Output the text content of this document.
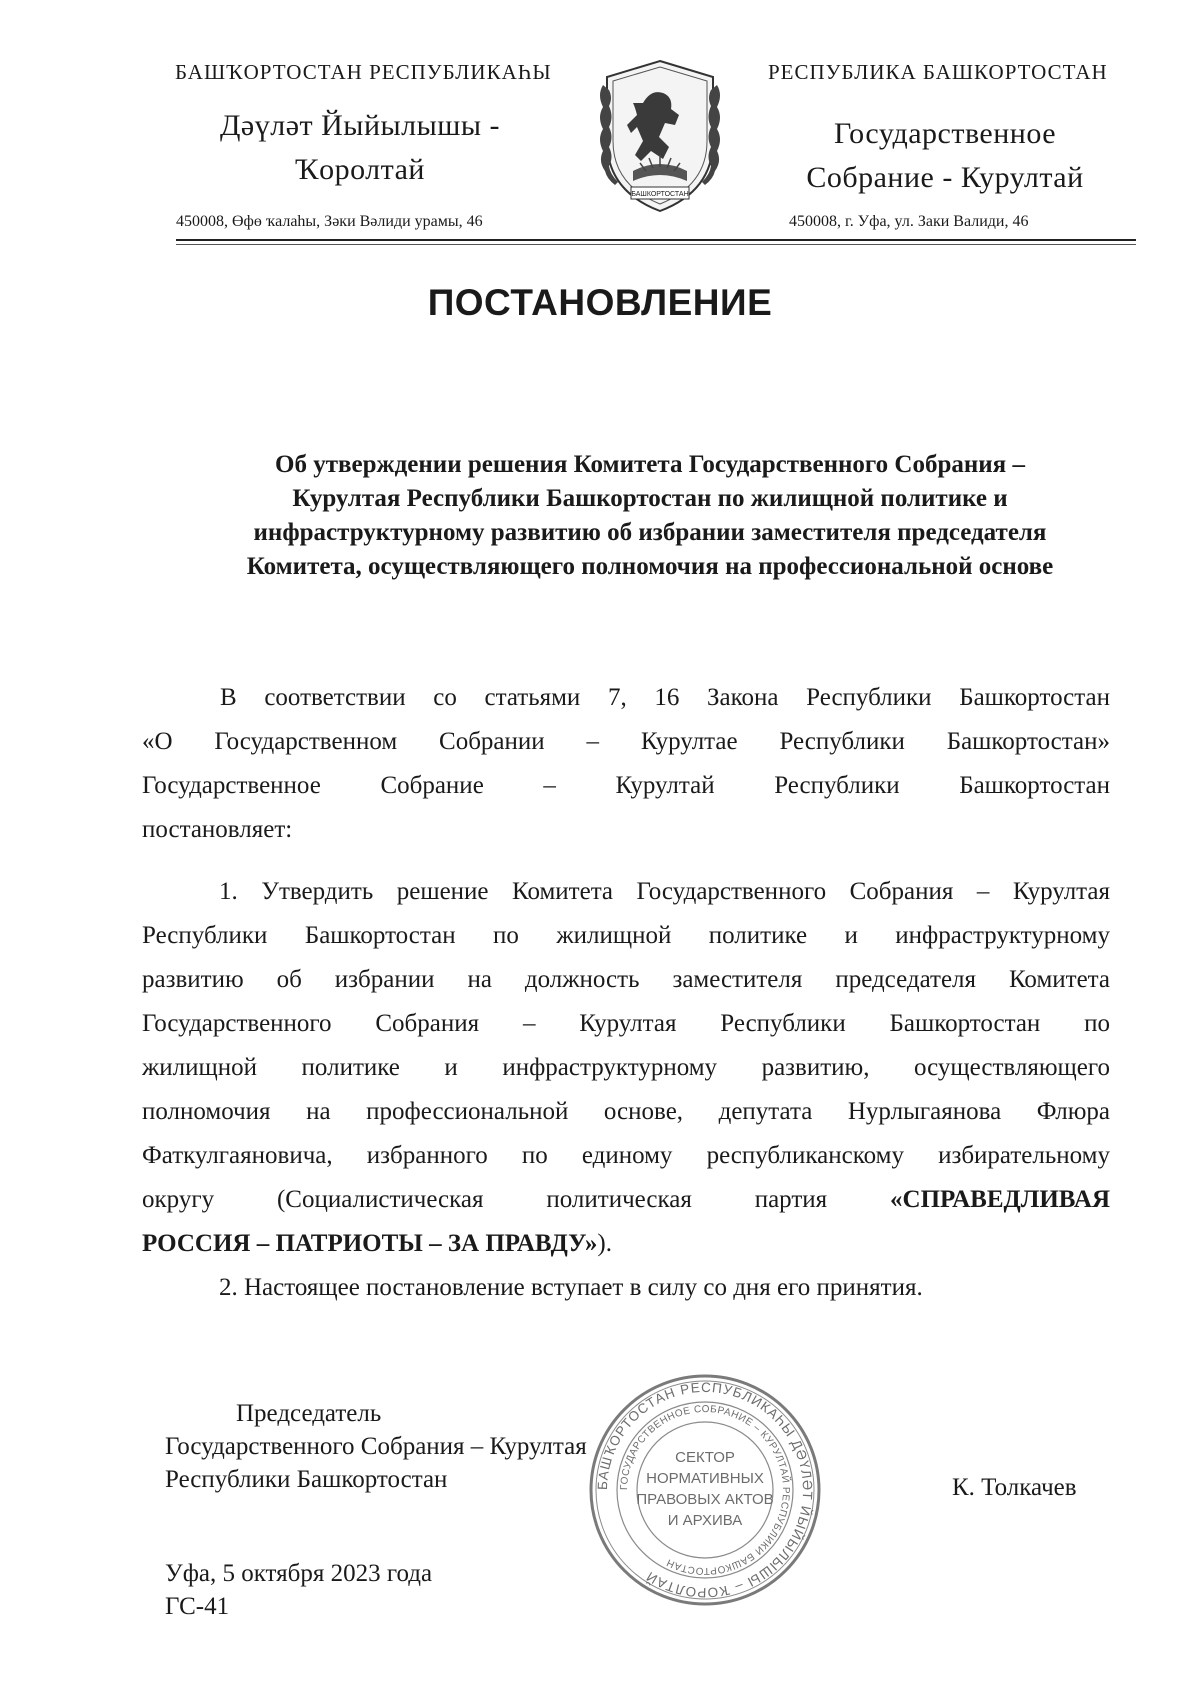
БАШҠОРТОСТАН РЕСПУБЛИКАҺЫ
Дәүләт Йыйылышы -
Ҡоролтай
450008, Өфө ҡалаһы, Зәки Вәлиди урамы, 46
РЕСПУБЛИКА БАШКОРТОСТАН
Государственное
Собрание - Курултай
450008, г. Уфа, ул. Заки Валиди, 46
БАШКОРТОСТАН
ПОСТАНОВЛЕНИЕ
Об утверждении решения Комитета Государственного Собрания –
Курултая Республики Башкортостан по жилищной политике и
инфраструктурному развитию об избрании заместителя председателя
Комитета, осуществляющего полномочия на профессиональной основе
В соответствии со статьями 7, 16 Закона Республики Башкортостан
«О Государственном Собрании – Курултае Республики Башкортостан»
Государственное Собрание – Курултай Республики Башкортостан
постановляет:
1. Утвердить решение Комитета Государственного Собрания – Курултая
Республики Башкортостан по жилищной политике и инфраструктурному
развитию об избрании на должность заместителя председателя Комитета
Государственного Собрания – Курултая Республики Башкортостан по
жилищной политике и инфраструктурному развитию, осуществляющего
полномочия на профессиональной основе, депутата Нурлыгаянова Флюра
Фаткулгаяновича, избранного по единому республиканскому избирательному
округу (Социалистическая политическая партия	«СПРАВЕДЛИВАЯ
РОССИЯ – ПАТРИОТЫ – ЗА ПРАВДУ»).
2. Настоящее постановление вступает в силу со дня его принятия.
Председатель
Государственного Собрания – Курултая
Республики Башкортостан	К. Толкачев
Уфа, 5 октября 2023 года
ГС-41
БАШҠОРТОСТАН РЕСПУБЛИКАҺЫ ДӘҮЛӘТ ЙЫЙЫЛЫШЫ – ҠОРОЛТАЙ
ГОСУДАРСТВЕННОЕ СОБРАНИЕ – КУРУЛТАЙ РЕСПУБЛИКИ БАШКОРТОСТАН
СЕКТОР
НОРМАТИВНЫХ
ПРАВОВЫХ АКТОВ
И АРХИВА
